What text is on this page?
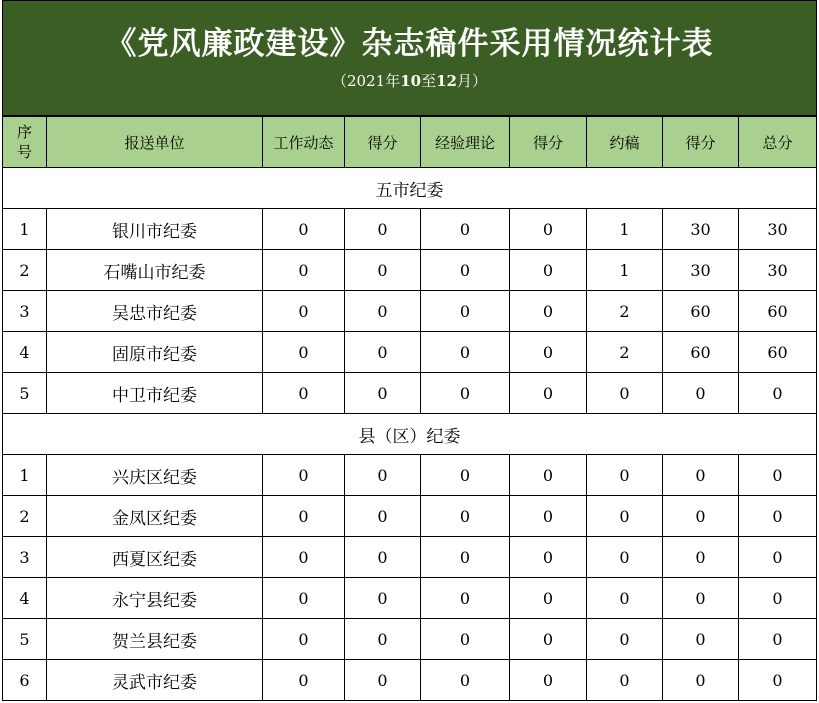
《党风廉政建设》杂志稿件采用情况统计表
（2021年10至12月）
序号	报送单位	工作动态	得分	经验理论	得分	约稿	得分	总分
五市纪委								
1	银川市纪委	0	0	0	0	1	30	30
2	石嘴山市纪委	0	0	0	0	1	30	30
3	吴忠市纪委	0	0	0	0	2	60	60
4	固原市纪委	0	0	0	0	2	60	60
5	中卫市纪委	0	0	0	0	0	0	0
县（区）纪委								
1	兴庆区纪委	0	0	0	0	0	0	0
2	金凤区纪委	0	0	0	0	0	0	0
3	西夏区纪委	0	0	0	0	0	0	0
4	永宁县纪委	0	0	0	0	0	0	0
5	贺兰县纪委	0	0	0	0	0	0	0
6	灵武市纪委	0	0	0	0	0	0	0
